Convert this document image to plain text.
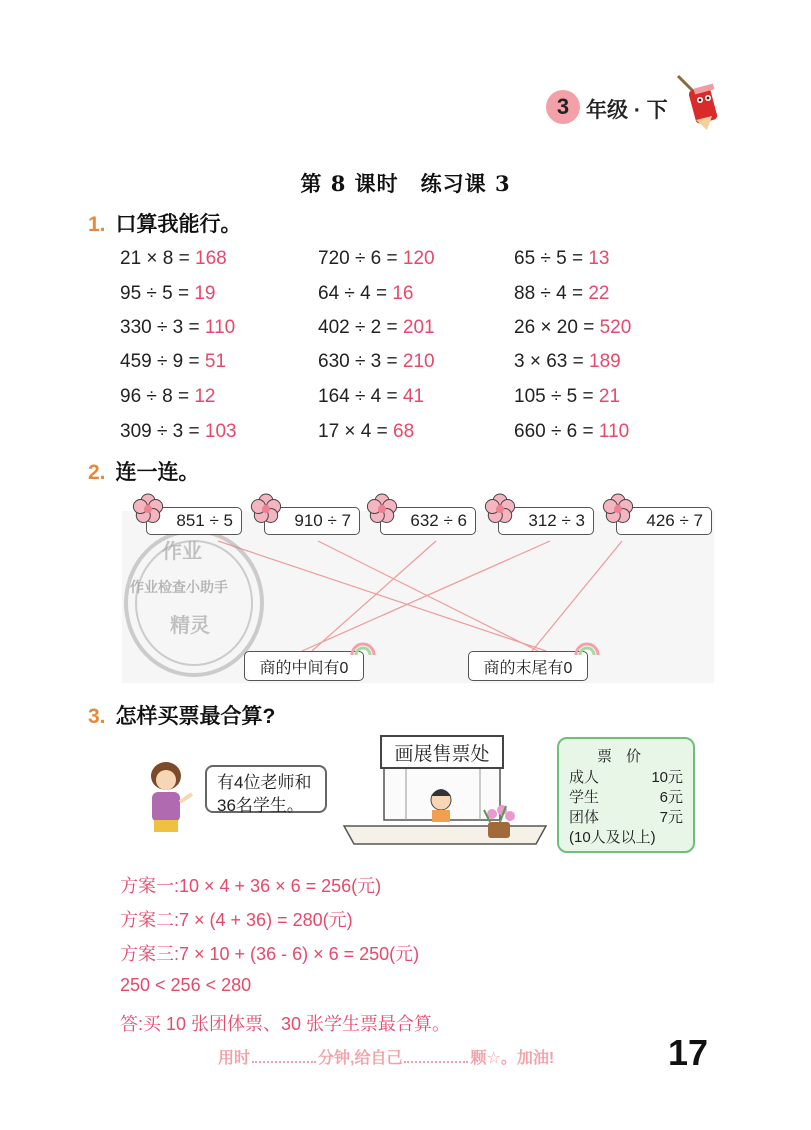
3 年级 · 下
第 8 课时　练习课 3
1. 口算我能行。
21 × 8 = 168	720 ÷ 6 = 120	65 ÷ 5 = 13
95 ÷ 5 = 19	64 ÷ 4 = 16	88 ÷ 4 = 22
330 ÷ 3 = 110	402 ÷ 2 = 201	26 × 20 = 520
459 ÷ 9 = 51	630 ÷ 3 = 210	3 × 63 = 189
96 ÷ 8 = 12	164 ÷ 4 = 41	105 ÷ 5 = 21
309 ÷ 3 = 103	17 × 4 = 68	660 ÷ 6 = 110
2. 连一连。
作业
作业检查小助手
精灵
851 ÷ 5	910 ÷ 7	632 ÷ 6	312 ÷ 3	426 ÷ 7
商的中间有0	商的末尾有0
3. 怎样买票最合算?
有4位老师和
36名学生。
画展售票处	票价
成人	10元
学生	6元
团体	7元
(10人及以上)
方案一:10 × 4 + 36 × 6 = 256(元)
方案二:7 × (4 + 36) = 280(元)
方案三:7 × 10 + (36 - 6) × 6 = 250(元)
250 < 256 < 280
答:买 10 张团体票、30 张学生票最合算。
用时	分钟,给自己	颗☆。加油!	17
